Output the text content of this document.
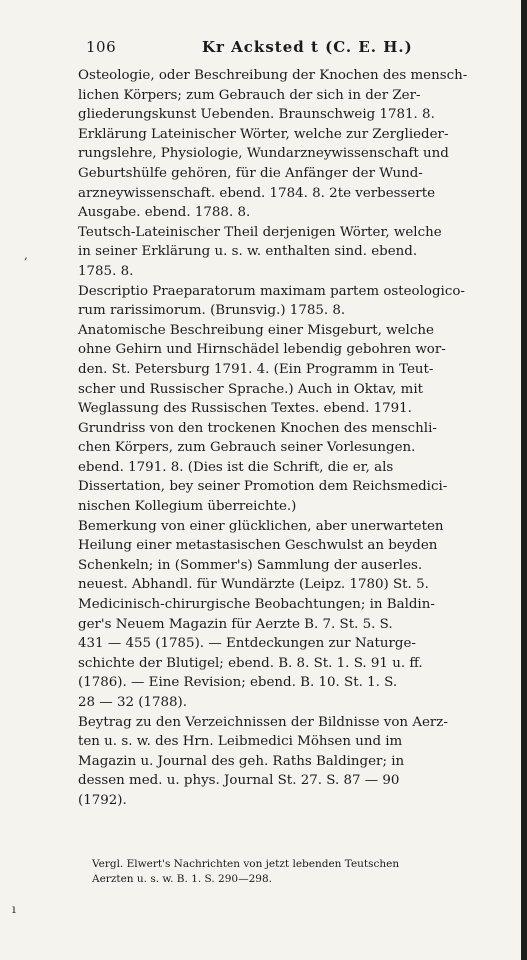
106	Kr Acksted t (C. E. H.)
Osteologie, oder Beschreibung der Knochen des mensch-
lichen Körpers; zum Gebrauch der sich in der Zer-
gliederungskunst Uebenden. Braunschweig 1781. 8.
Erklärung Lateinischer Wörter, welche zur Zerglieder-
rungslehre, Physiologie, Wundarzneywissenschaft und
Geburtshülfe gehören, für die Anfänger der Wund-
arzneywissenschaft. ebend. 1784. 8. 2te verbesserte
Ausgabe. ebend. 1788. 8.
Teutsch-Lateinischer Theil derjenigen Wörter, welche
in seiner Erklärung u. s. w. enthalten sind. ebend.
1785. 8.
Descriptio Praeparatorum maximam partem osteologico-
rum rarissimorum. (Brunsvig.) 1785. 8.
Anatomische Beschreibung einer Misgeburt, welche
ohne Gehirn und Hirnschädel lebendig gebohren wor-
den. St. Petersburg 1791. 4. (Ein Programm in Teut-
scher und Russischer Sprache.) Auch in Oktav, mit
Weglassung des Russischen Textes. ebend. 1791.
Grundriss von den trockenen Knochen des menschli-
chen Körpers, zum Gebrauch seiner Vorlesungen.
ebend. 1791. 8. (Dies ist die Schrift, die er, als
Dissertation, bey seiner Promotion dem Reichsmedici-
nischen Kollegium überreichte.)
Bemerkung von einer glücklichen, aber unerwarteten
Heilung einer metastasischen Geschwulst an beyden
Schenkeln; in (Sommer's) Sammlung der auserles.
neuest. Abhandl. für Wundärzte (Leipz. 1780) St. 5.
Medicinisch-chirurgische Beobachtungen; in Baldin-
ger's Neuem Magazin für Aerzte B. 7. St. 5. S.
431 — 455 (1785). — Entdeckungen zur Naturge-
schichte der Blutigel; ebend. B. 8. St. 1. S. 91 u. ff.
(1786). — Eine Revision; ebend. B. 10. St. 1. S.
28 — 32 (1788).
Beytrag zu den Verzeichnissen der Bildnisse von Aerz-
ten u. s. w. des Hrn. Leibmedici Möhsen und im
Magazin u. Journal des geh. Raths Baldinger; in
dessen med. u. phys. Journal St. 27. S. 87 — 90
(1792).
Vergl. Elwert's Nachrichten von jetzt lebenden Teutschen
Aerzten u. s. w. B. 1. S. 290—298.
,
ı
